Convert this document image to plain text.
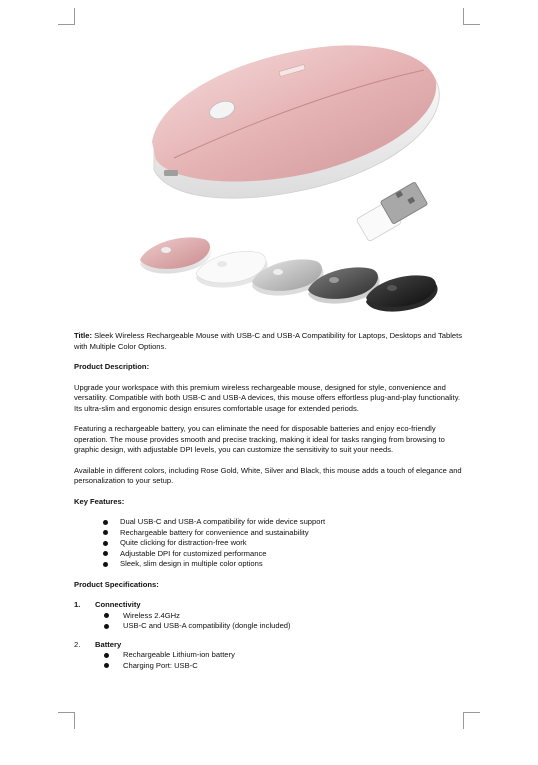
Title: Sleek Wireless Rechargeable Mouse with USB-C and USB-A Compatibility for Laptops, Desktops and Tablets with Multiple Color Options.

Product Description:

Upgrade your workspace with this premium wireless rechargeable mouse, designed for style, convenience and versatility. Compatible with both USB-C and USB-A devices, this mouse offers effortless plug-and-play functionality. Its ultra-slim and ergonomic design ensures comfortable usage for extended periods.

Featuring a rechargeable battery, you can eliminate the need for disposable batteries and enjoy eco-friendly operation. The mouse provides smooth and precise tracking, making it ideal for tasks ranging from browsing to graphic design, with adjustable DPI levels, you can customize the sensitivity to suit your needs.

Available in different colors, including Rose Gold, White, Silver and Black, this mouse adds a touch of elegance and personalization to your setup.

Key Features:

Dual USB-C and USB-A compatibility for wide device support
Rechargeable battery for convenience and sustainability
Quite clicking for distraction-free work
Adjustable DPI for customized performance
Sleek, slim design in multiple color options

Product Specifications:

1.	Connectivity
Wireless 2.4GHz
USB-C and USB-A compatibility (dongle included)
2.	Battery
Rechargeable Lithium-ion battery
Charging Port: USB-C
